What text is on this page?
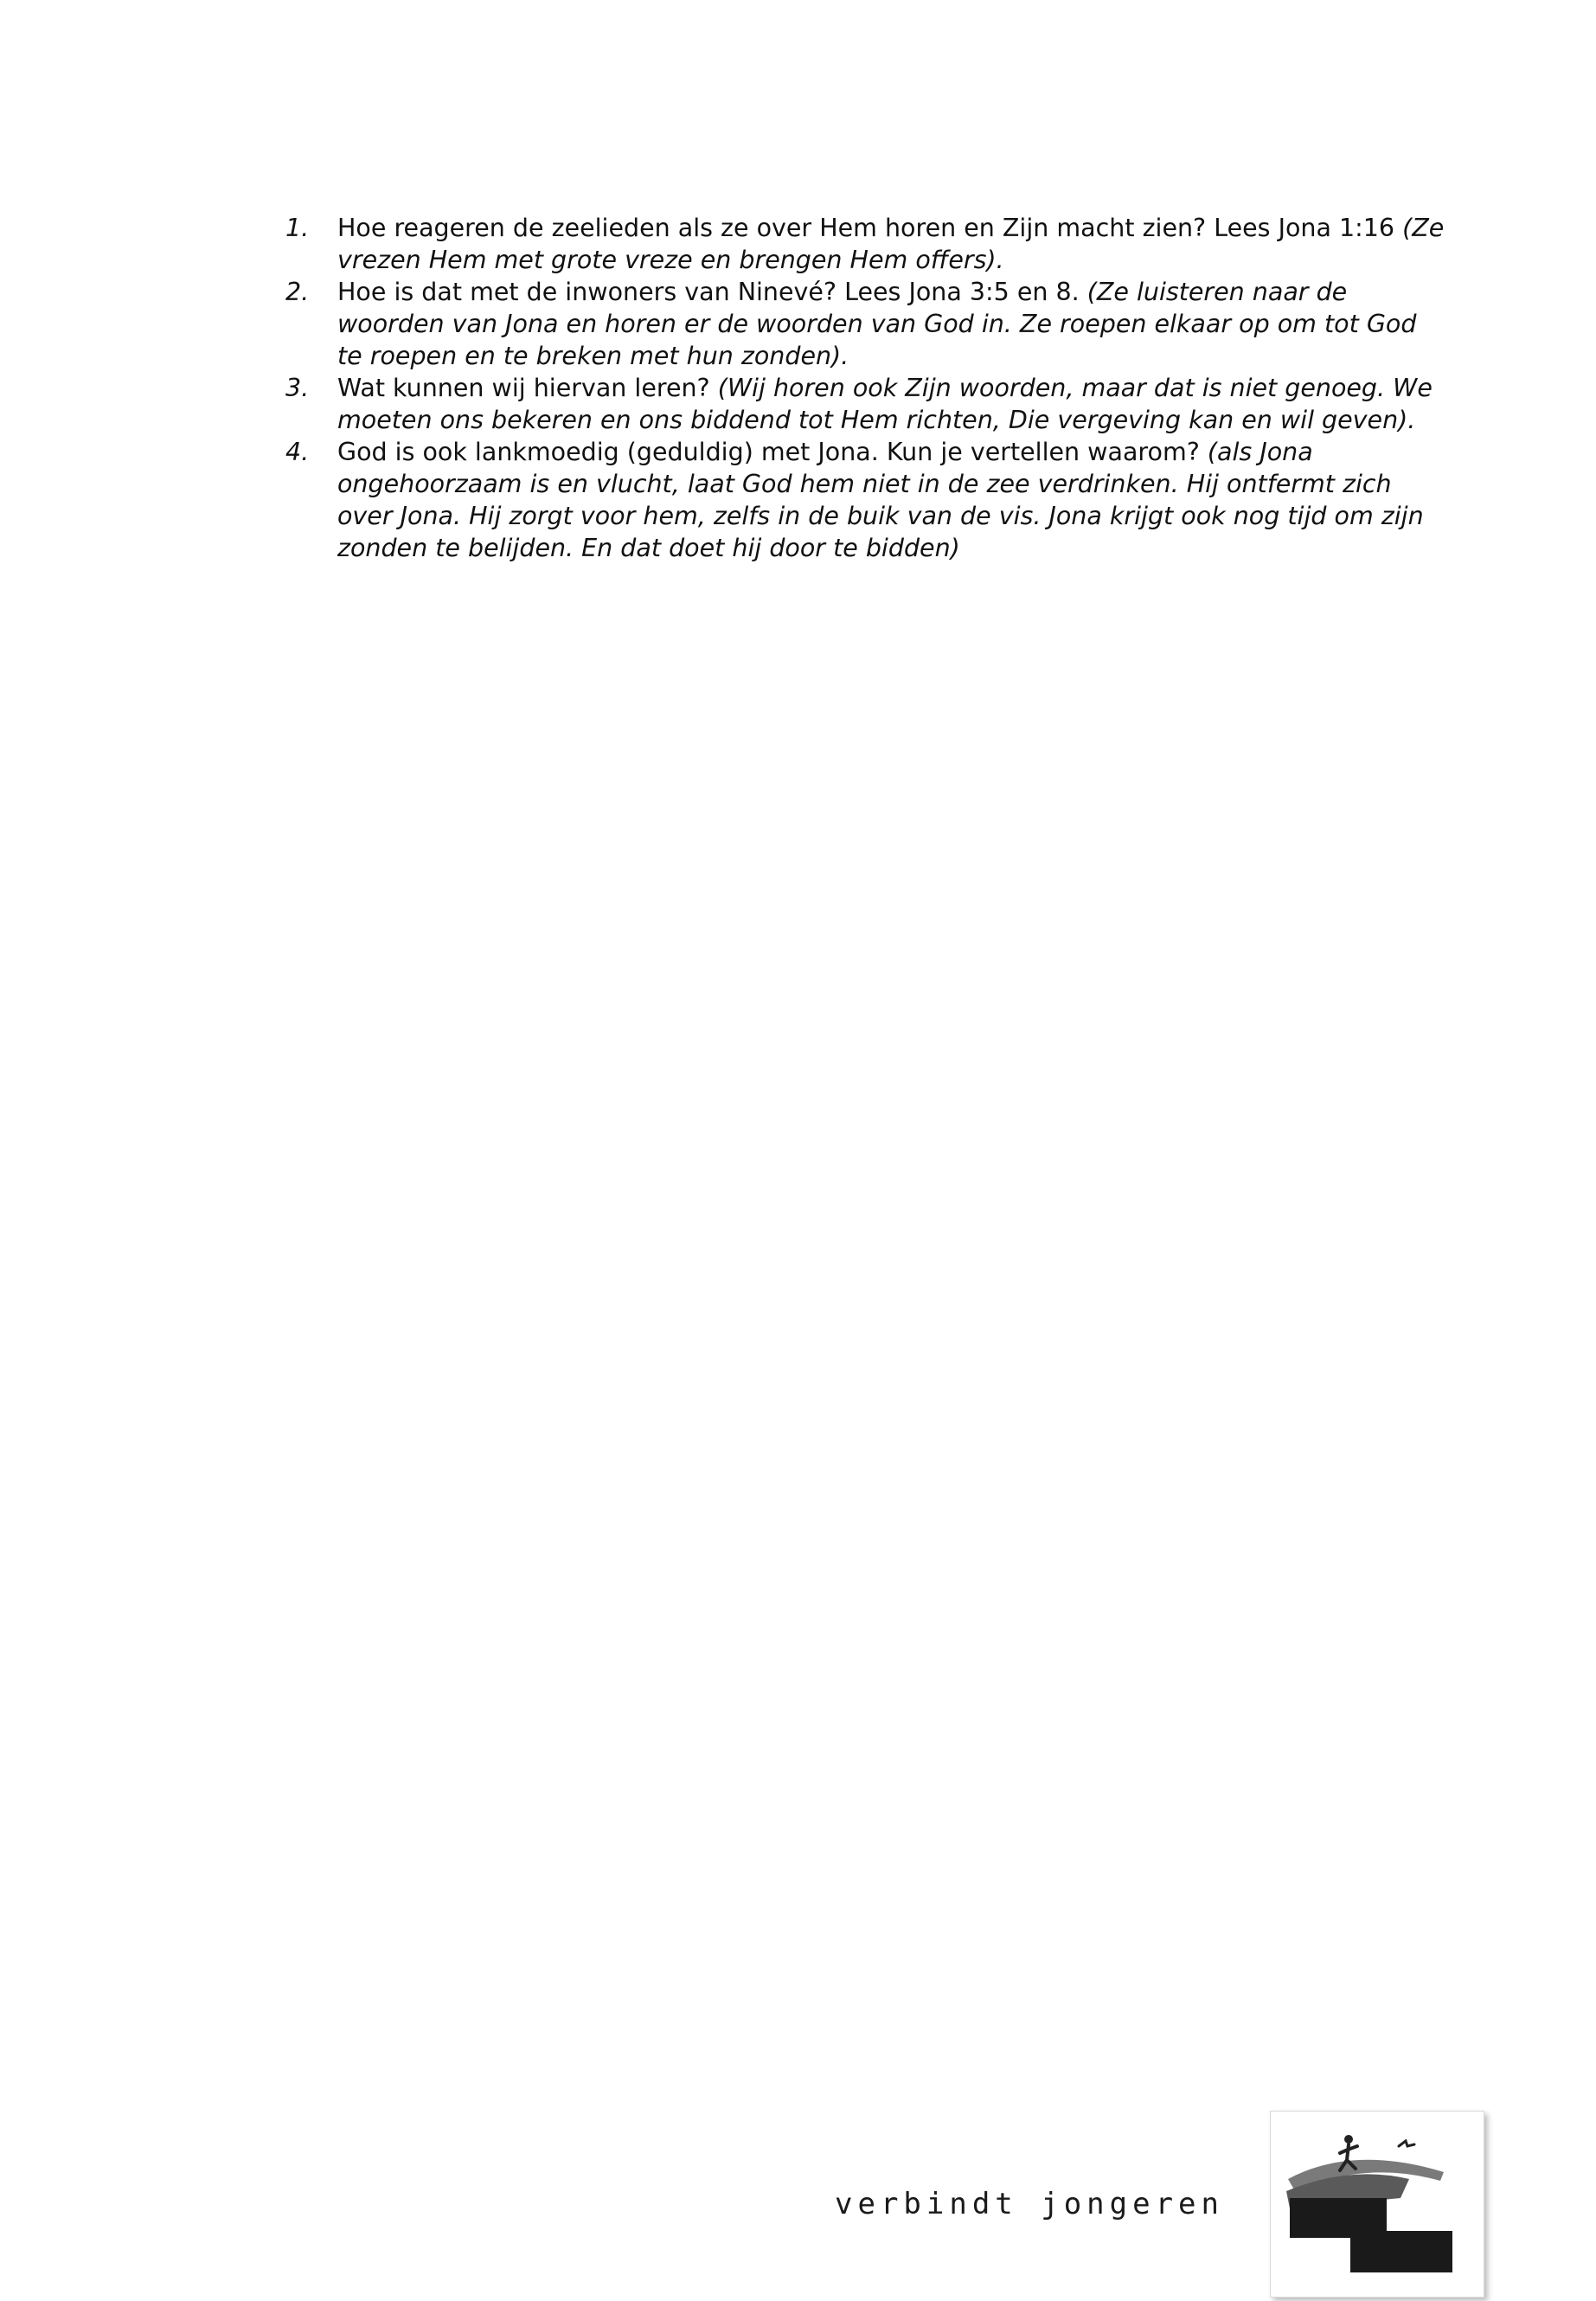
1. Hoe reageren de zeelieden als ze over Hem horen en Zijn macht zien? Lees Jona 1:16 (Ze vrezen Hem met grote vreze en brengen Hem offers).
2. Hoe is dat met de inwoners van Ninevé? Lees Jona 3:5 en 8. (Ze luisteren naar de woorden van Jona en horen er de woorden van God in. Ze roepen elkaar op om tot God te roepen en te breken met hun zonden).
3. Wat kunnen wij hiervan leren? (Wij horen ook Zijn woorden, maar dat is niet genoeg. We moeten ons bekeren en ons biddend tot Hem richten, Die vergeving kan en wil geven).
4. God is ook lankmoedig (geduldig) met Jona. Kun je vertellen waarom? (als Jona ongehoorzaam is en vlucht, laat God hem niet in de zee verdrinken. Hij ontfermt zich over Jona. Hij zorgt voor hem, zelfs in de buik van de vis. Jona krijgt ook nog tijd om zijn zonden te belijden. En dat doet hij door te bidden)
verbindt jongeren
